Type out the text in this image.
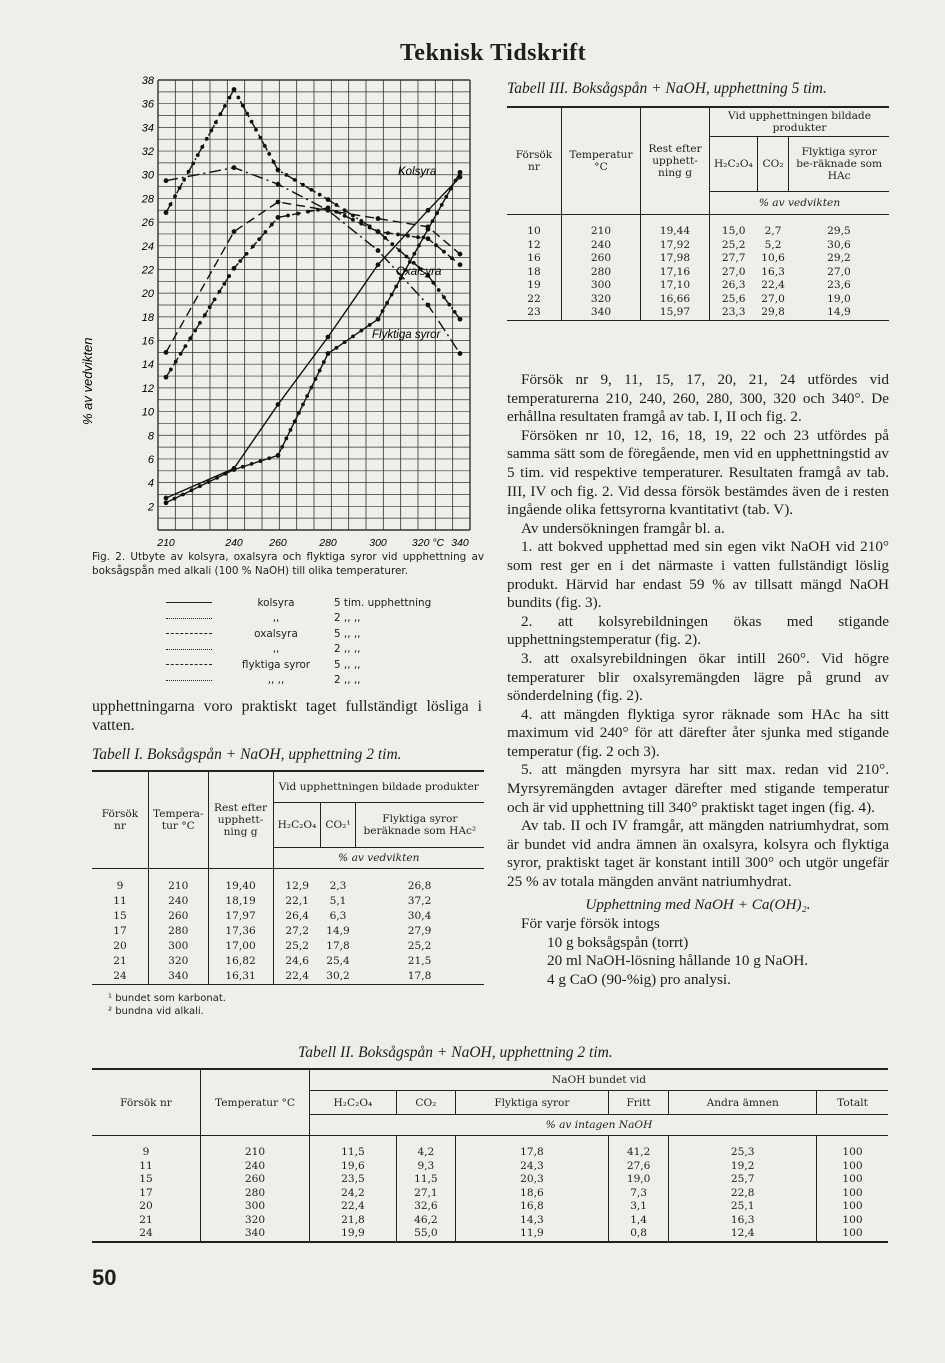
Teknisk Tidskrift
2
4
6
8
10
12
14
16
18
20
22
24
26
28
30
32
34
36
38
210	240	260	280	300 320 °C 340
% av vedvikten
Kolsyra
Oxalsyra
Flyktiga syror
Fig. 2. Utbyte av kolsyra, oxalsyra och flyktiga syror vid upphettning av boksågspån med alkali (100 % NaOH) till olika temperaturer.
kolsyra	5 tim. upphettning
,,	2 ,, ,,
oxalsyra	5 ,, ,,
,,	2 ,, ,,
flyktiga syror	5 ,, ,,
,, ,,	2 ,, ,,

upphettningarna voro praktiskt taget fullständigt lösliga i vatten.

Tabell I. Boksågspån + NaOH, upphettning 2 tim.
Försök nr	Tempera-tur °C	Rest efter upphett-ning g	Vid upphettningen bildade produkter		
			H₂C₂O₄	CO₂¹	Flyktiga syror beräknade som HAc²
			% av vedvikten		
9	210	19,40	12,9	2,3	26,8
11	240	18,19	22,1	5,1	37,2
15	260	17,97	26,4	6,3	30,4
17	280	17,36	27,2	14,9	27,9
20	300	17,00	25,2	17,8	25,2
21	320	16,82	24,6	25,4	21,5
24	340	16,31	22,4	30,2	17,8
¹ bundet som karbonat.
² bundna vid alkali.
Tabell III. Boksågspån + NaOH, upphettning 5 tim.
Försök nr	Temperatur °C	Rest efter upphett-ning g	Vid upphettningen bildade produkter		
			H₂C₂O₄	CO₂	Flyktiga syror be-räknade som HAc
			% av vedvikten		
10	210	19,44	15,0	2,7	29,5
12	240	17,92	25,2	5,2	30,6
16	260	17,98	27,7	10,6	29,2
18	280	17,16	27,0	16,3	27,0
19	300	17,10	26,3	22,4	23,6
22	320	16,66	25,6	27,0	19,0
23	340	15,97	23,3	29,8	14,9

Försök nr 9, 11, 15, 17, 20, 21, 24 utfördes vid temperaturerna 210, 240, 260, 280, 300, 320 och 340°. De erhållna resultaten framgå av tab. I, II och fig. 2.

Försöken nr 10, 12, 16, 18, 19, 22 och 23 utfördes på samma sätt som de föregående, men vid en upphettningstid av 5 tim. vid respektive temperaturer. Resultaten framgå av tab. III, IV och fig. 2. Vid dessa försök bestämdes även de i resten ingående olika fettsyrorna kvantitativt (tab. V).

Av undersökningen framgår bl. a.

1. att bokved upphettad med sin egen vikt NaOH vid 210° som rest ger en i det närmaste i vatten fullständigt löslig produkt. Härvid har endast 59 % av tillsatt mängd NaOH bundits (fig. 3).

2. att kolsyrebildningen ökas med stigande upphettningstemperatur (fig. 2).

3. att oxalsyrebildningen ökar intill 260°. Vid högre temperaturer blir oxalsyremängden lägre på grund av sönderdelning (fig. 2).

4. att mängden flyktiga syror räknade som HAc ha sitt maximum vid 240° för att därefter åter sjunka med stigande temperatur (fig. 2 och 3).

5. att mängden myrsyra har sitt max. redan vid 210°. Myrsyremängden avtager därefter med stigande temperatur och är vid upphettning till 340° praktiskt taget ingen (fig. 4).

Av tab. II och IV framgår, att mängden natriumhydrat, som är bundet vid andra ämnen än oxalsyra, kolsyra och flyktiga syror, praktiskt taget är konstant intill 300° och utgör ungefär 25 % av totala mängden använt natriumhydrat.

Upphettning med NaOH + Ca(OH)₂.

För varje försök intogs

10 g boksågspån (torrt)
20 ml NaOH-lösning hållande 10 g NaOH.
4 g CaO (90-%ig) pro analysi.
Tabell II. Boksågspån + NaOH, upphettning 2 tim.
Försök nr	Temperatur °C	NaOH bundet vid					
		H₂C₂O₄	CO₂	Flyktiga syror	Fritt	Andra ämnen	Totalt
		% av intagen NaOH					
9	210	11,5	4,2	17,8	41,2	25,3	100
11	240	19,6	9,3	24,3	27,6	19,2	100
15	260	23,5	11,5	20,3	19,0	25,7	100
17	280	24,2	27,1	18,6	7,3	22,8	100
20	300	22,4	32,6	16,8	3,1	25,1	100
21	320	21,8	46,2	14,3	1,4	16,3	100
24	340	19,9	55,0	11,9	0,8	12,4	100
50
